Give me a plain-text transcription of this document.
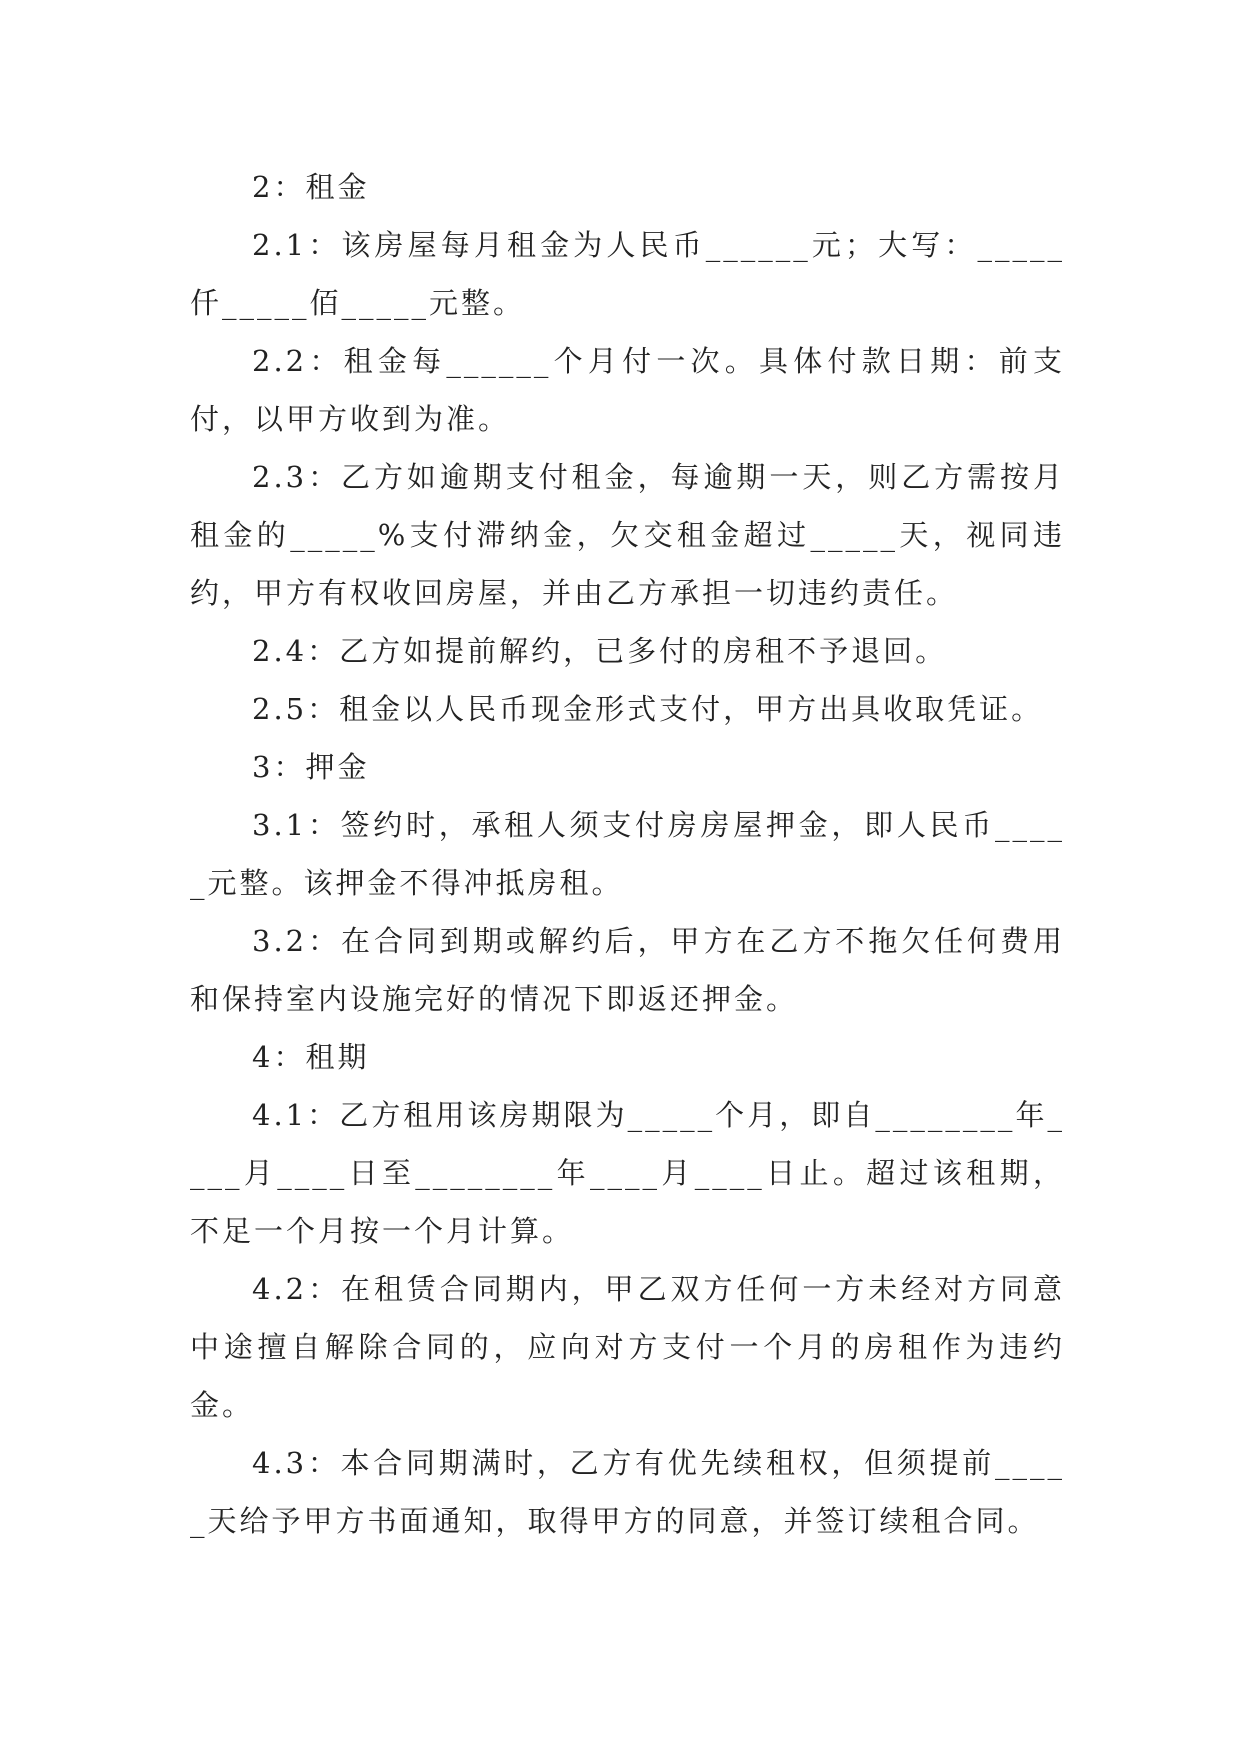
2：租金

2.1：该房屋每月租金为人民币______元；大写：_____仟_____佰_____元整。

2.2：租金每______个月付一次。具体付款日期：前支付，以甲方收到为准。

2.3：乙方如逾期支付租金，每逾期一天，则乙方需按月租金的_____%支付滞纳金，欠交租金超过_____天，视同违约，甲方有权收回房屋，并由乙方承担一切违约责任。

2.4：乙方如提前解约，已多付的房租不予退回。

2.5：租金以人民币现金形式支付，甲方出具收取凭证。

3：押金

3.1：签约时，承租人须支付房房屋押金，即人民币_____元整。该押金不得冲抵房租。

3.2：在合同到期或解约后，甲方在乙方不拖欠任何费用和保持室内设施完好的情况下即返还押金。

4：租期

4.1：乙方租用该房期限为_____个月，即自________年____月____日至________年____月____日止。超过该租期，不足一个月按一个月计算。

4.2：在租赁合同期内，甲乙双方任何一方未经对方同意中途擅自解除合同的，应向对方支付一个月的房租作为违约金。

4.3：本合同期满时，乙方有优先续租权，但须提前_____天给予甲方书面通知，取得甲方的同意，并签订续租合同。
